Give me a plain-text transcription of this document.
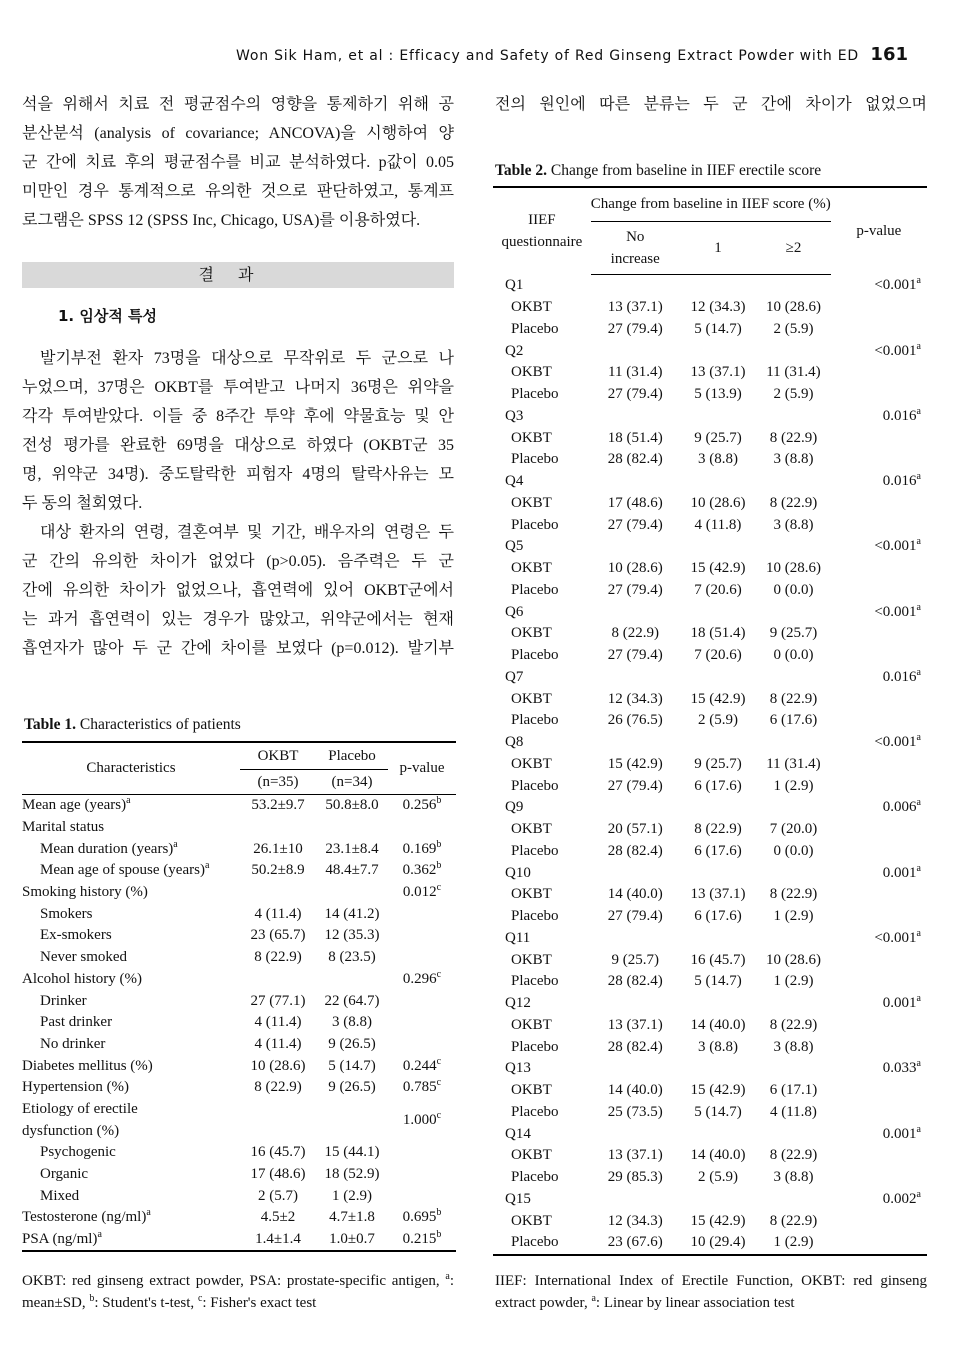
Won Sik Ham, et al : Efficacy and Safety of Red Ginseng Extract Powder with ED 161

석을 위해서 치료 전 평균점수의 영향을 통제하기 위해 공

분산분석 (analysis of covariance; ANCOVA)을 시행하여 양

군 간에 치료 후의 평균점수를 비교 분석하였다. p값이 0.05

미만인 경우 통계적으로 유의한 것으로 판단하였고, 통계프

로그램은 SPSS 12 (SPSS Inc, Chicago, USA)를 이용하였다.

결과
1. 임상적 특성

발기부전 환자 73명을 대상으로 무작위로 두 군으로 나

누었으며, 37명은 OKBT를 투여받고 나머지 36명은 위약을

각각 투여받았다. 이들 중 8주간 투약 후에 약물효능 및 안

전성 평가를 완료한 69명을 대상으로 하였다 (OKBT군 35

명, 위약군 34명). 중도탈락한 피험자 4명의 탈락사유는 모

두 동의 철회였다.

대상 환자의 연령, 결혼여부 및 기간, 배우자의 연령은 두

군 간의 유의한 차이가 없었다 (p>0.05). 음주력은 두 군

간에 유의한 차이가 없었으나, 흡연력에 있어 OKBT군에서

는 과거 흡연력이 있는 경우가 많았고, 위약군에서는 현재

흡연자가 많아 두 군 간에 차이를 보였다 (p=0.012). 발기부

Table 1. Characteristics of patients
Characteristics	OKBT	Placebo	p-value
	(n=35)	(n=34)	
Mean age (years)$^a$	53.2±9.7	50.8±8.0	0.256$^b$
Marital status			
Mean duration (years)$^a$	26.1±10	23.1±8.4	0.169$^b$
Mean age of spouse (years)$^a$	50.2±8.9	48.4±7.7	0.362$^b$
Smoking history (%)			0.012$^c$
Smokers	4 (11.4)	14 (41.2)	
Ex-smokers	23 (65.7)	12 (35.3)	
Never smoked	8 (22.9)	8 (23.5)	
Alcohol history (%)			0.296$^c$
Drinker	27 (77.1)	22 (64.7)	
Past drinker	4 (11.4)	3 (8.8)	
No drinker	4 (11.4)	9 (26.5)	
Diabetes mellitus (%)	10 (28.6)	5 (14.7)	0.244$^c$
Hypertension (%)	8 (22.9)	9 (26.5)	0.785$^c$
Etiology of erectile			1.000$^c$
dysfunction (%)			
Psychogenic	16 (45.7)	15 (44.1)	
Organic	17 (48.6)	18 (52.9)	
Mixed	2 (5.7)	1 (2.9)	
Testosterone $(ng/ml)^a$	4.5±2	4.7±1.8	0.695$^b$
PSA $(ng/ml)^a$	1.4±1.4	1.0±0.7	0.215$^b$
OKBT: red ginseng extract powder, PSA: prostate-specific antigen, $^a$: mean±SD, $^b$: Student's t-test, $^c$: Fisher's exact test

전의 원인에 따른 분류는 두 군 간에 차이가 없었으며

Table 2. Change from baseline in IIEF erectile score
IIEF
questionnaire	Change from baseline in IIEF score (%)			p-value
	No
increase	1	≥2	
Q1				<0.001$^a$
OKBT	13 (37.1)	12 (34.3)	10 (28.6)	
Placebo	27 (79.4)	5 (14.7)	2 (5.9)	
Q2				<0.001$^a$
OKBT	11 (31.4)	13 (37.1)	11 (31.4)	
Placebo	27 (79.4)	5 (13.9)	2 (5.9)	
Q3				0.016$^a$
OKBT	18 (51.4)	9 (25.7)	8 (22.9)	
Placebo	28 (82.4)	3 (8.8)	3 (8.8)	
Q4				0.016$^a$
OKBT	17 (48.6)	10 (28.6)	8 (22.9)	
Placebo	27 (79.4)	4 (11.8)	3 (8.8)	
Q5				<0.001$^a$
OKBT	10 (28.6)	15 (42.9)	10 (28.6)	
Placebo	27 (79.4)	7 (20.6)	0 (0.0)	
Q6				<0.001$^a$
OKBT	8 (22.9)	18 (51.4)	9 (25.7)	
Placebo	27 (79.4)	7 (20.6)	0 (0.0)	
Q7				0.016$^a$
OKBT	12 (34.3)	15 (42.9)	8 (22.9)	
Placebo	26 (76.5)	2 (5.9)	6 (17.6)	
Q8				<0.001$^a$
OKBT	15 (42.9)	9 (25.7)	11 (31.4)	
Placebo	27 (79.4)	6 (17.6)	1 (2.9)	
Q9				0.006$^a$
OKBT	20 (57.1)	8 (22.9)	7 (20.0)	
Placebo	28 (82.4)	6 (17.6)	0 (0.0)	
Q10				0.001$^a$
OKBT	14 (40.0)	13 (37.1)	8 (22.9)	
Placebo	27 (79.4)	6 (17.6)	1 (2.9)	
Q11				<0.001$^a$
OKBT	9 (25.7)	16 (45.7)	10 (28.6)	
Placebo	28 (82.4)	5 (14.7)	1 (2.9)	
Q12				0.001$^a$
OKBT	13 (37.1)	14 (40.0)	8 (22.9)	
Placebo	28 (82.4)	3 (8.8)	3 (8.8)	
Q13				0.033$^a$
OKBT	14 (40.0)	15 (42.9)	6 (17.1)	
Placebo	25 (73.5)	5 (14.7)	4 (11.8)	
Q14				0.001$^a$
OKBT	13 (37.1)	14 (40.0)	8 (22.9)	
Placebo	29 (85.3)	2 (5.9)	3 (8.8)	
Q15				0.002$^a$
OKBT	12 (34.3)	15 (42.9)	8 (22.9)	
Placebo	23 (67.6)	10 (29.4)	1 (2.9)	
IIEF: International Index of Erectile Function, OKBT: red ginseng extract powder, $^a$: Linear by linear association test
